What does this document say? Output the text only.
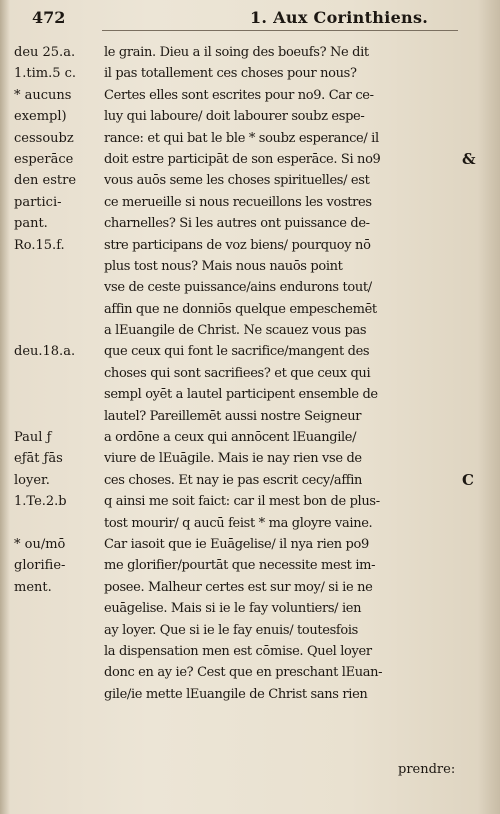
472	1. Aux Corinthiens.
deu 25.a.
1.tim.5 c.
* aucuns
exempl)
cessoubz
esperāce
den estre
partici-
pant.
Ro.15.f.
deu.18.a.
Paul ƒ
eƒāt ƒās
loyer.
1.Te.2.b
* ou/mō
glorifie-
ment.
le grain. Dieu a il soing des boeufs? Ne dit
il pas totallement ces choses pour nous?
Certes elles sont escrites pour no9. Car ce-
luy qui laboure/ doit labourer soubz espe-
rance: et qui bat le ble * soubz esperance/ il
doit estre participāt de son esperāce. Si no9
vous auōs seme les choses spirituelles/ est
ce merueille si nous recueillons les vostres
charnelles? Si les autres ont puissance de-
stre participans de voz biens/ pourquoy nō
plus tost nous? Mais nous nauōs point
vse de ceste puissance/ains endurons tout/
affin que ne donniōs quelque empeschemēt
a lEuangile de Christ. Ne scauez vous pas
que ceux qui font le sacrifice/mangent des
choses qui sont sacrifiees? et que ceux qui
sempl oyēt a lautel participent ensemble de
lautel? Pareillemēt aussi nostre Seigneur
a ordōne a ceux qui annōcent lEuangile/
viure de lEuāgile. Mais ie nay rien vse de
ces choses. Et nay ie pas escrit cecy/affin
q ainsi me soit faict: car il mest bon de plus-
tost mourir/ q aucū feist * ma gloyre vaine.
Car iasoit que ie Euāgelise/ il nya rien po9
me glorifier/pourtāt que necessite mest im-
posee. Malheur certes est sur moy/ si ie ne
euāgelise. Mais si ie le fay voluntiers/ ien
ay loyer. Que si ie le fay enuis/ toutesfois
la dispensation men est cōmise. Quel loyer
donc en ay ie? Cest que en preschant lEuan-
gile/ie mette lEuangile de Christ sans rien
&
C
prendre:
